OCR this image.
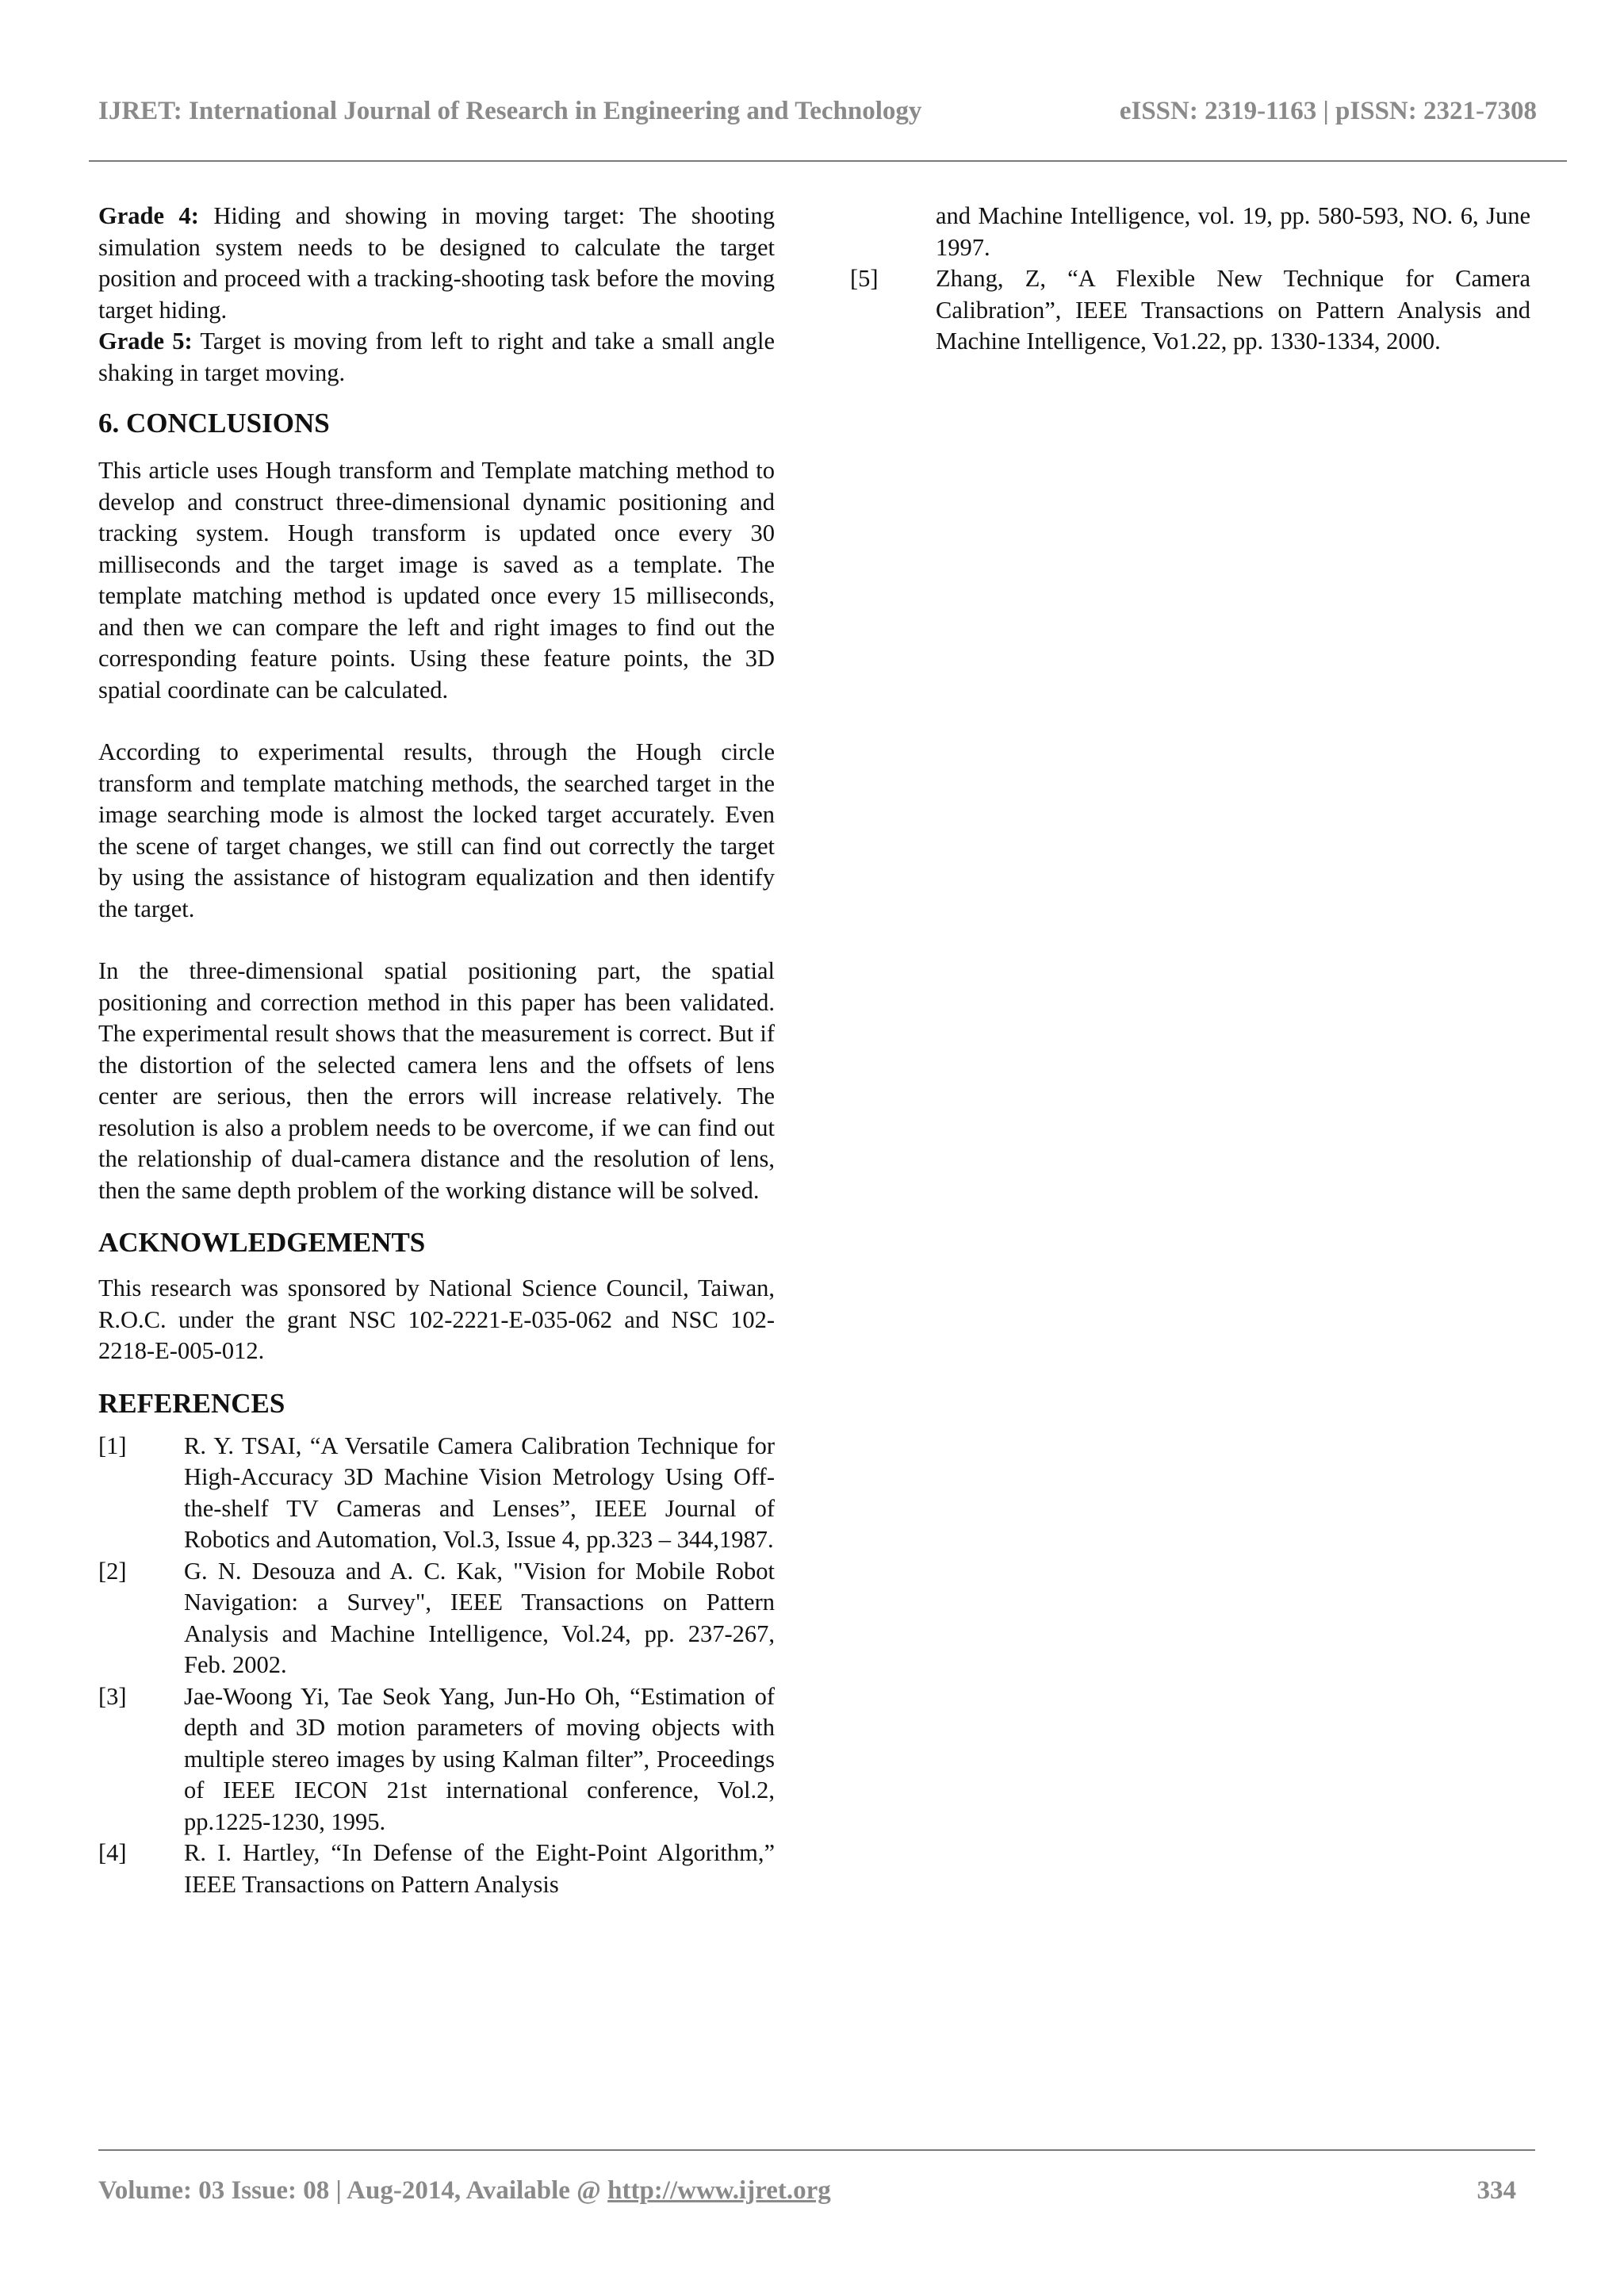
IJRET: International Journal of Research in Engineering and Technology	eISSN: 2319-1163 | pISSN: 2321-7308

Grade 4: Hiding and showing in moving target: The shooting simulation system needs to be designed to calculate the target position and proceed with a tracking-shooting task before the moving target hiding.

Grade 5: Target is moving from left to right and take a small angle shaking in target moving.

6. CONCLUSIONS

This article uses Hough transform and Template matching method to develop and construct three-dimensional dynamic positioning and tracking system. Hough transform is updated once every 30 milliseconds and the target image is saved as a template. The template matching method is updated once every 15 milliseconds, and then we can compare the left and right images to find out the corresponding feature points. Using these feature points, the 3D spatial coordinate can be calculated.

According to experimental results, through the Hough circle transform and template matching methods, the searched target in the image searching mode is almost the locked target accurately. Even the scene of target changes, we still can find out correctly the target by using the assistance of histogram equalization and then identify the target.

In the three-dimensional spatial positioning part, the spatial positioning and correction method in this paper has been validated. The experimental result shows that the measurement is correct. But if the distortion of the selected camera lens and the offsets of lens center are serious, then the errors will increase relatively. The resolution is also a problem needs to be overcome, if we can find out the relationship of dual-camera distance and the resolution of lens, then the same depth problem of the working distance will be solved.

ACKNOWLEDGEMENTS

This research was sponsored by National Science Council, Taiwan, R.O.C. under the grant NSC 102-2221-E-035-062 and NSC 102-2218-E-005-012.

REFERENCES
[1]	R. Y. TSAI, “A Versatile Camera Calibration Technique for High-Accuracy 3D Machine Vision Metrology Using Off-the-shelf TV Cameras and Lenses”, IEEE Journal of Robotics and Automation, Vol.3, Issue 4, pp.323 – 344,1987.
[2]	G. N. Desouza and A. C. Kak, "Vision for Mobile Robot Navigation: a Survey", IEEE Transactions on Pattern Analysis and Machine Intelligence, Vol.24, pp. 237-267, Feb. 2002.
[3]	Jae-Woong Yi, Tae Seok Yang, Jun-Ho Oh, “Estimation of depth and 3D motion parameters of moving objects with multiple stereo images by using Kalman filter”, Proceedings of IEEE IECON 21st international conference, Vol.2, pp.1225-1230, 1995.
[4]	R. I. Hartley, “In Defense of the Eight-Point Algorithm,” IEEE Transactions on Pattern Analysis

and Machine Intelligence, vol. 19, pp. 580-593, NO. 6, June 1997.

[5]	Zhang, Z, “A Flexible New Technique for Camera Calibration”, IEEE Transactions on Pattern Analysis and Machine Intelligence, Vo1.22, pp. 1330-1334, 2000.
Volume: 03 Issue: 08 | Aug-2014, Available @ http://www.ijret.org	334
